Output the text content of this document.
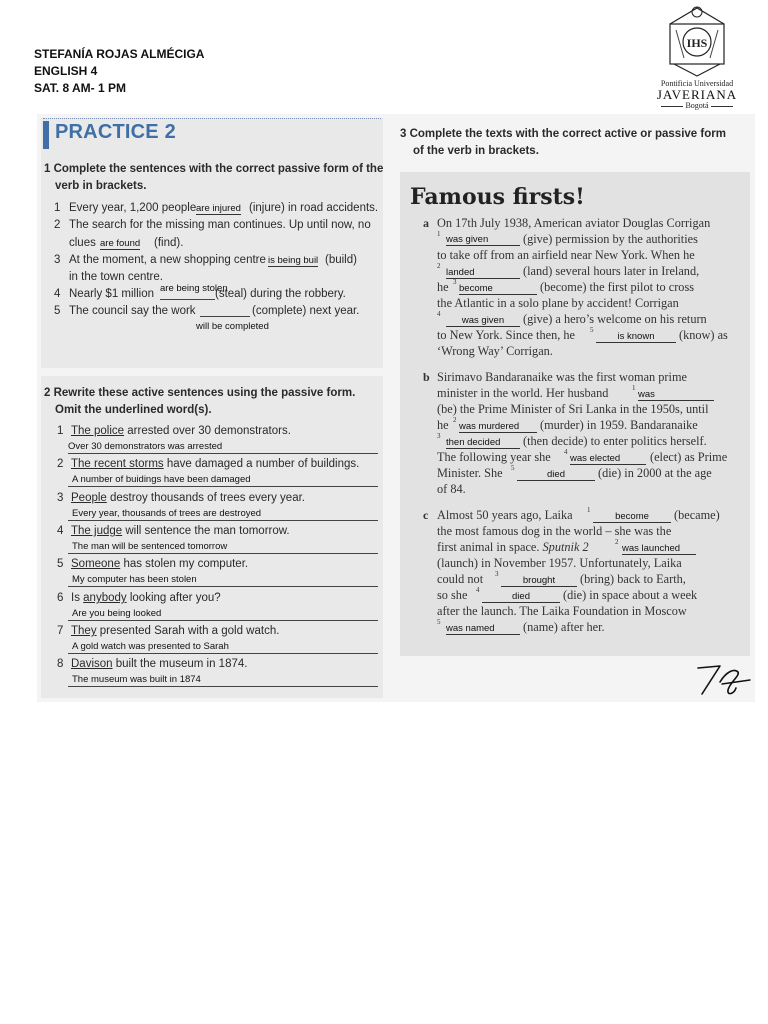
STEFANÍA ROJAS ALMÉCIGA
ENGLISH 4
SAT. 8 AM- 1 PM
IHS
Pontificia Universidad
JAVERIANA
Bogotá
PRACTICE 2
1 Complete the sentences with the correct passive form of the
verb in brackets.
1 Every year, 1,200 people are injured (injure) in road accidents.
2 The search for the missing man continues. Up until now, no
clues are found (find).
3 At the moment, a new shopping centre is being buil (build)
in the town centre.
4 Nearly $1 million are being stolen
(steal) during the robbery.
5 The council say the work	(complete) next year.
will be completed
2 Rewrite these active sentences using the passive form.
Omit the underlined word(s).
1 The police arrested over 30 demonstrators.
Over 30 demonstrators was arrested
2 The recent storms have damaged a number of buildings.
A number of buidings have been damaged
3 People destroy thousands of trees every year.
Every year, thousands of trees are destroyed
4 The judge will sentence the man tomorrow.
The man will be sentenced tomorrow
5 Someone has stolen my computer.
My computer has been stolen
6 Is anybody looking after you?
Are you being looked
7 They presented Sarah with a gold watch.
A gold watch was presented to Sarah
8 Davison built the museum in 1874.
The museum was built in 1874
3 Complete the texts with the correct active or passive form
of the verb in brackets.
Famous firsts!
a On 17th July 1938, American aviator Douglas Corrigan
1 was given	(give) permission by the authorities
to take off from an airfield near New York. When he
2
landed	(land) several hours later in Ireland,
he 3
become	(become) the first pilot to cross
the Atlantic in a solo plane by accident! Corrigan
4
was given	(give) a hero’s welcome on his return
to New York. Since then, he 5
is known	(know) as
‘Wrong Way’ Corrigan.
b Sirimavo Bandaranaike was the first woman prime
minister in the world. Her husband	1
was
(be) the Prime Minister of Sri Lanka in the 1950s, until
he 2
was murdered	(murder) in 1959. Bandaranaike
3
then decided	(then decide) to enter politics herself.
The following year she 4
was elected	(elect) as Prime
Minister. She 5
died	(die) in 2000 at the age
of 84.
c Almost 50 years ago, Laika 1
become	(became)
the most famous dog in the world – she was the
first animal in space. Sputnik 2	2
was launched
(launch) in November 1957. Unfortunately, Laika
could not 3
brought	(bring) back to Earth,
so she 4
died	(die) in space about a week
after the launch. The Laika Foundation in Moscow
5
was named	(name) after her.
